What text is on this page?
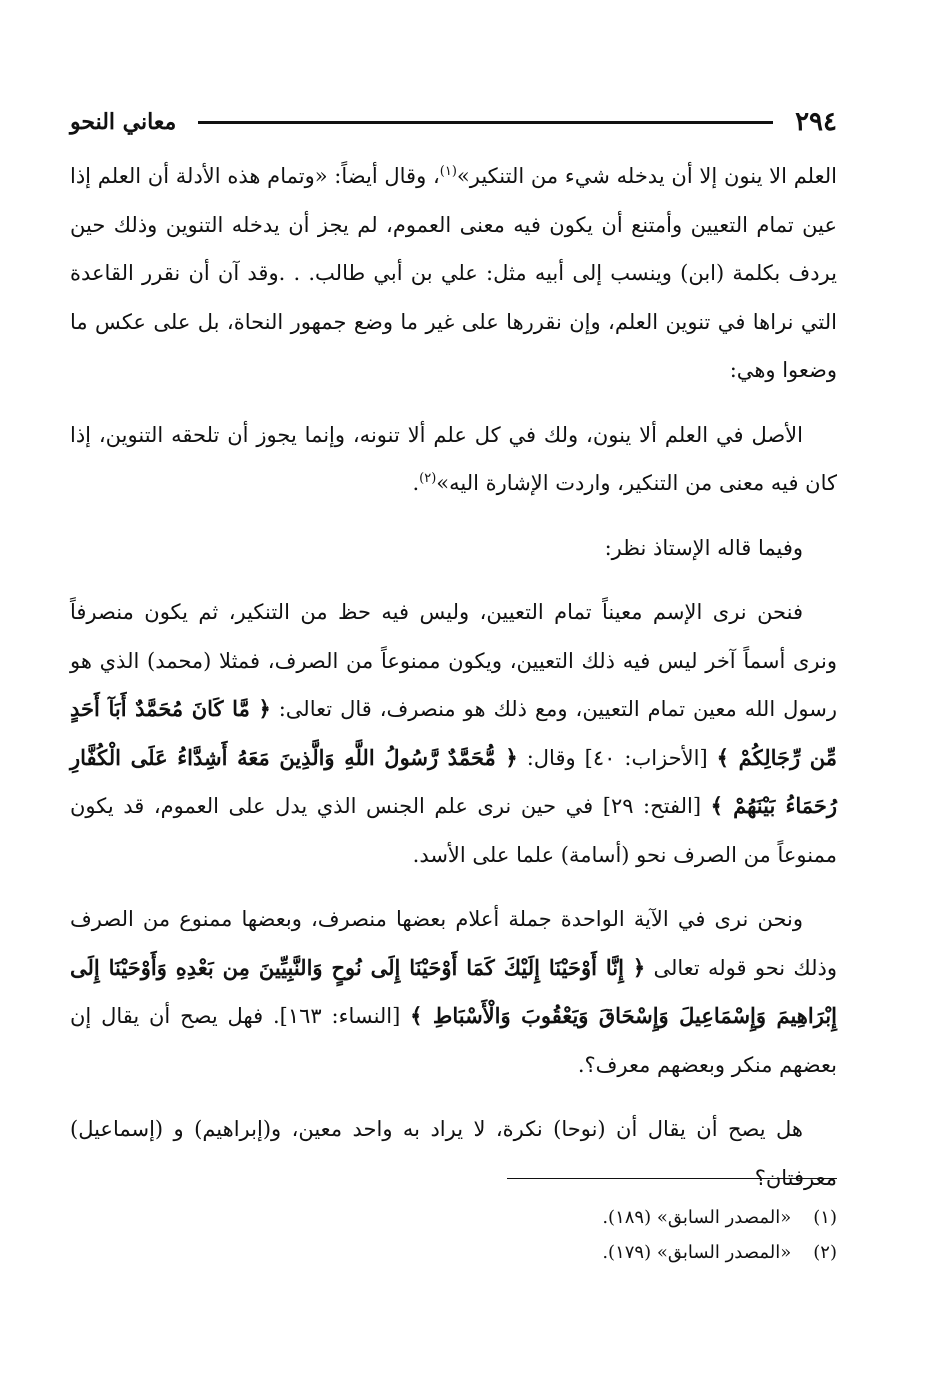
٢٩٤
معاني النحو

العلم الا ينون إلا أن يدخله شيء من التنكير»$^{(١)}$، وقال أيضاً: «وتمام هذه الأدلة أن العلم إذا عين تمام التعيين وأمتنع أن يكون فيه معنى العموم، لم يجز أن يدخله التنوين وذلك حين يردف بكلمة (ابن) وينسب إلى أبيه مثل: علي بن أبي طالب. . .وقد آن أن نقرر القاعدة التي نراها في تنوين العلم، وإن نقررها على غير ما وضع جمهور النحاة، بل على عكس ما وضعوا وهي:

الأصل في العلم ألا ينون، ولك في كل علم ألا تنونه، وإنما يجوز أن تلحقه التنوين، إذا كان فيه معنى من التنكير، واردت الإشارة اليه»$^{(٢)}$.

وفيما قاله الإستاذ نظر:

فنحن نرى الإسم معيناً تمام التعيين، وليس فيه حظ من التنكير، ثم يكون منصرفاً ونرى أسماً آخر ليس فيه ذلك التعيين، ويكون ممنوعاً من الصرف، فمثلا (محمد) الذي هو رسول الله معين تمام التعيين، ومع ذلك هو منصرف، قال تعالى: ﴿ مَّا كَانَ مُحَمَّدٌ أَبَآ أَحَدٍ مِّن رِّجَالِكُمْ ﴾ [الأحزاب: ٤٠] وقال: ﴿ مُّحَمَّدٌ رَّسُولُ اللَّهِ وَالَّذِينَ مَعَهُ أَشِدَّاءُ عَلَى الْكُفَّارِ رُحَمَاءُ بَيْنَهُمْ ﴾ [الفتح: ٢٩] في حين نرى علم الجنس الذي يدل على العموم، قد يكون ممنوعاً من الصرف نحو (أسامة) علما على الأسد.

ونحن نرى في الآية الواحدة جملة أعلام بعضها منصرف، وبعضها ممنوع من الصرف وذلك نحو قوله تعالى ﴿ إِنَّا أَوْحَيْنَا إِلَيْكَ كَمَا أَوْحَيْنَا إِلَى نُوحٍ وَالنَّبِيِّينَ مِن بَعْدِهِ وَأَوْحَيْنَا إِلَى إِبْرَاهِيمَ وَإِسْمَاعِيلَ وَإِسْحَاقَ وَيَعْقُوبَ وَالْأَسْبَاطِ ﴾ [النساء: ١٦٣]. فهل يصح أن يقال إن بعضهم منكر وبعضهم معرف؟.

هل يصح أن يقال أن (نوحا) نكرة، لا يراد به واحد معين، و(إبراهيم) و (إسماعيل) معرفتان؟

(١)
«المصدر السابق» (١٨٩).
(٢)
«المصدر السابق» (١٧٩).
